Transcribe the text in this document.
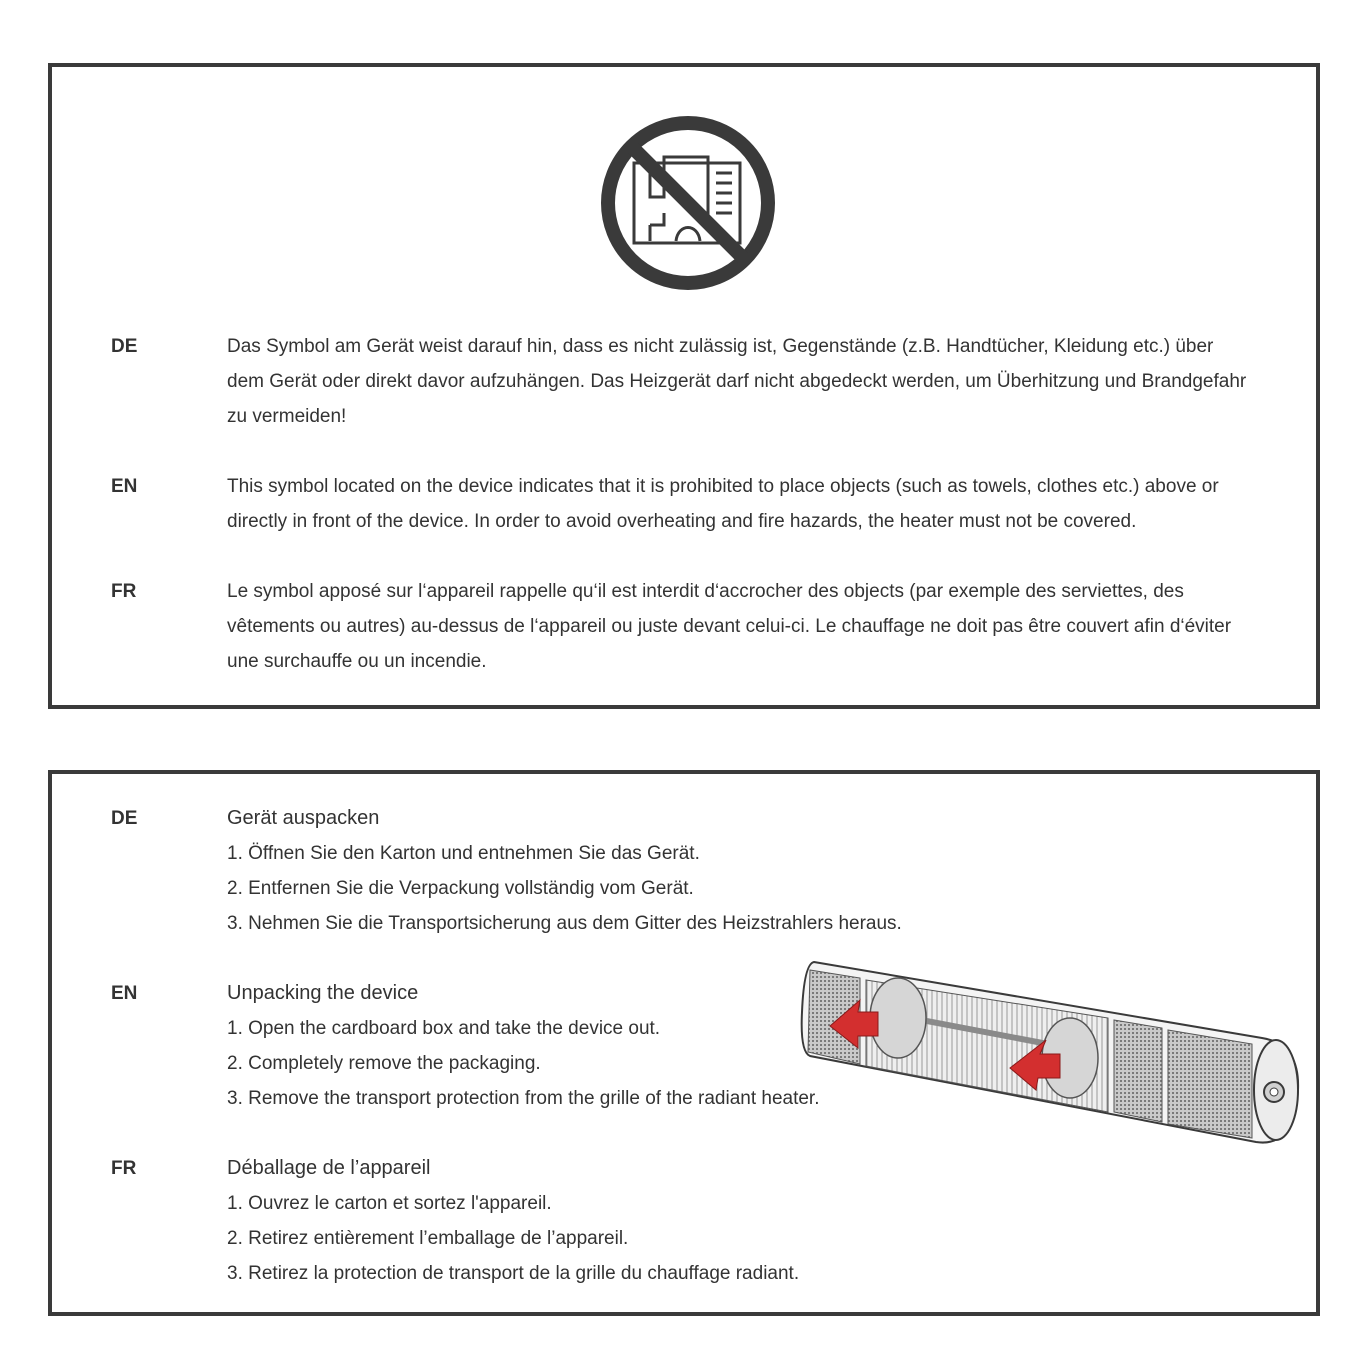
DE	Das Symbol am Gerät weist darauf hin, dass es nicht zulässig ist, Gegenstände (z.B. Handtücher, Kleidung etc.) über dem Gerät oder direkt davor aufzuhängen. Das Heizgerät darf nicht abgedeckt werden, um Überhitzung und Brandgefahr zu vermeiden!
EN	This symbol located on the device indicates that it is prohibited to place objects (such as towels, clothes etc.) above or directly in front of the device. In order to avoid overheating and fire hazards, the heater must not be covered.
FR	Le symbol apposé sur l‘appareil rappelle qu‘il est interdit d‘accrocher des objects (par exemple des serviettes, des vêtements ou autres) au-dessus de l‘appareil ou juste devant celui-ci. Le chauffage ne doit pas être couvert afin d‘éviter une surchauffe ou un incendie.
DE	Gerät auspacken
1. Öffnen Sie den Karton und entnehmen Sie das Gerät.
2. Entfernen Sie die Verpackung vollständig vom Gerät.
3. Nehmen Sie die Transportsicherung aus dem Gitter des Heizstrahlers heraus.
EN	Unpacking the device
1. Open the cardboard box and take the device out.
2. Completely remove the packaging.
3. Remove the transport protection from the grille of the radiant heater.
FR	Déballage de l’appareil
1. Ouvrez le carton et sortez l'appareil.
2. Retirez entièrement l’emballage de l’appareil.
3. Retirez la protection de transport de la grille du chauffage radiant.
